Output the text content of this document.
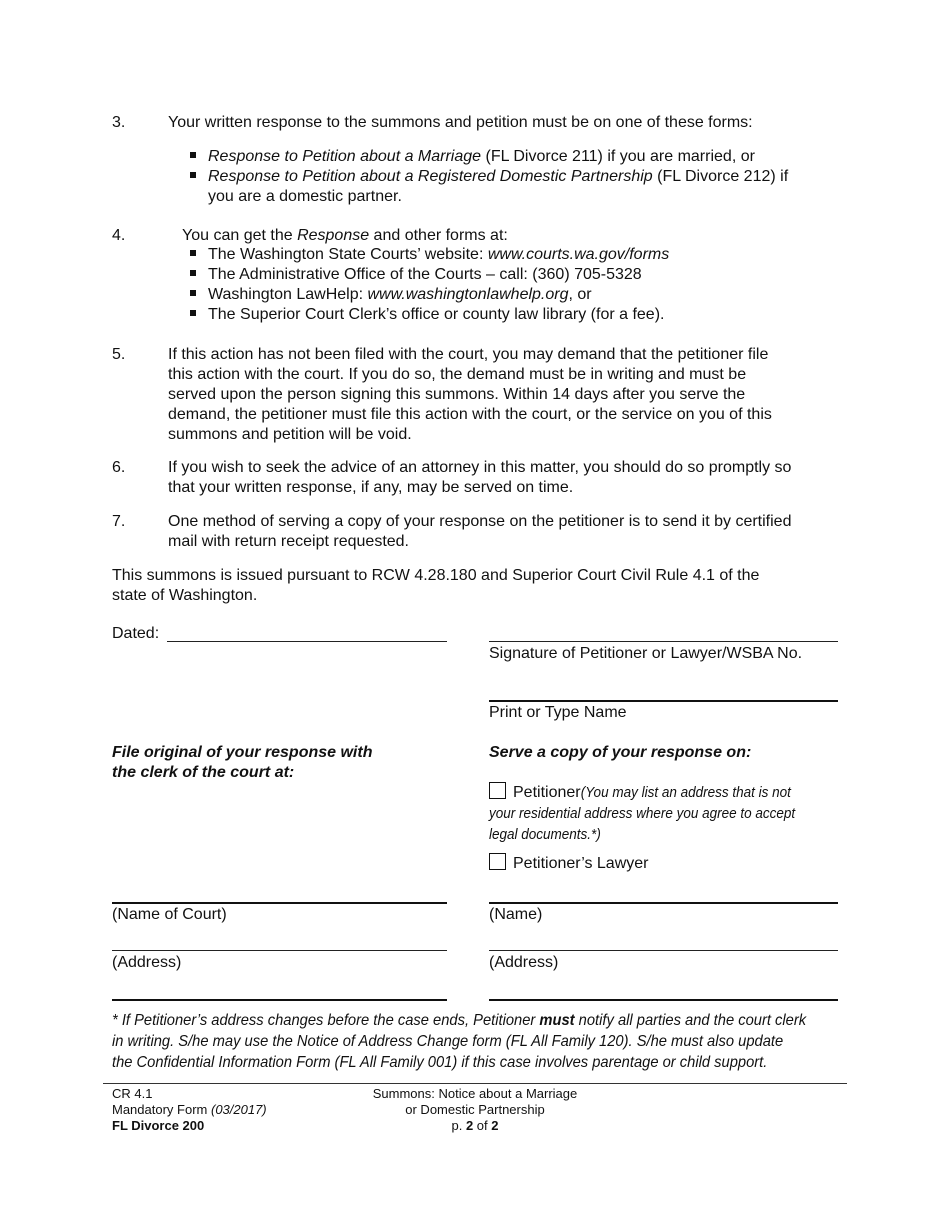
3.	Your written response to the summons and petition must be on one of these forms:
Response to Petition about a Marriage (FL Divorce 211) if you are married, or
Response to Petition about a Registered Domestic Partnership (FL Divorce 212) if
you are a domestic partner.
4.	You can get the Response and other forms at:
The Washington State Courts’ website: www.courts.wa.gov/forms
The Administrative Office of the Courts – call: (360) 705-5328
Washington LawHelp: www.washingtonlawhelp.org, or
The Superior Court Clerk’s office or county law library (for a fee).
5.	If this action has not been filed with the court, you may demand that the petitioner file
this action with the court. If you do so, the demand must be in writing and must be
served upon the person signing this summons. Within 14 days after you serve the
demand, the petitioner must file this action with the court, or the service on you of this
summons and petition will be void.
6.	If you wish to seek the advice of an attorney in this matter, you should do so promptly so
that your written response, if any, may be served on time.
7.	One method of serving a copy of your response on the petitioner is to send it by certified
mail with return receipt requested.
This summons is issued pursuant to RCW 4.28.180 and Superior Court Civil Rule 4.1 of the
state of Washington.
Dated:
Signature of Petitioner or Lawyer/WSBA No.
Print or Type Name
File original of your response with
the clerk of the court at:
Serve a copy of your response on:
Petitioner (You may list an address that is not
your residential address where you agree to accept
legal documents.*)
Petitioner’s Lawyer
(Name of Court)	(Name)
(Address)	(Address)
* If Petitioner’s address changes before the case ends, Petitioner must notify all parties and the court clerk
in writing. S/he may use the Notice of Address Change form (FL All Family 120). S/he must also update
the Confidential Information Form (FL All Family 001) if this case involves parentage or child support.
CR 4.1
Mandatory Form (03/2017)
FL Divorce 200
Summons: Notice about a Marriage
or Domestic Partnership
p. 2 of 2
